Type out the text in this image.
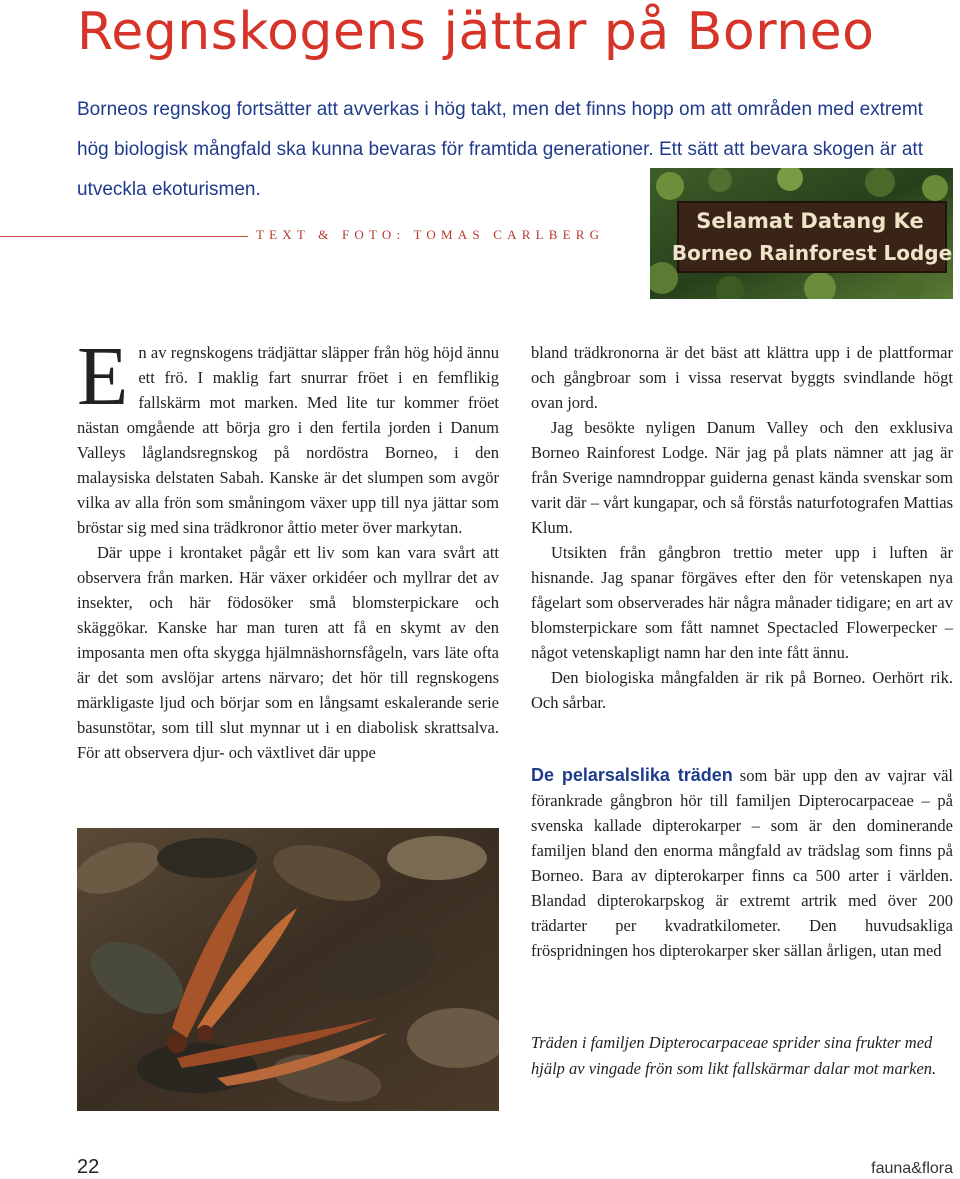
Regnskogens jättar på Borneo

Borneos regnskog fortsätter att avverkas i hög takt, men det finns hopp om att områden med extremt hög biologisk mångfald ska kunna bevaras för framtida generationer. Ett sätt att bevara skogen är att utveckla ekoturismen.

TEXT & FOTO: TOMAS CARLBERG
Selamat Datang Ke
Borneo Rainforest Lodge

En av regnskogens trädjättar släpper från hög höjd ännu ett frö. I maklig fart snurrar fröet i en femflikig fallskärm mot marken. Med lite tur kommer fröet nästan omgående att börja gro i den fertila jorden i Danum Valleys låglandsregnskog på nordöstra Borneo, i den malaysiska delstaten Sabah. Kanske är det slumpen som avgör vilka av alla frön som småningom växer upp till nya jättar som bröstar sig med sina trädkronor åttio meter över markytan.

Där uppe i krontaket pågår ett liv som kan vara svårt att observera från marken. Här växer orkidéer och myllrar det av insekter, och här födosöker små blomsterpickare och skäggökar. Kanske har man turen att få en skymt av den imposanta men ofta skygga hjälmnäshornsfågeln, vars läte ofta är det som avslöjar artens närvaro; det hör till regnskogens märkligaste ljud och börjar som en långsamt eskalerande serie basunstötar, som till slut mynnar ut i en diabolisk skrattsalva. För att observera djur- och växtlivet där uppe

bland trädkronorna är det bäst att klättra upp i de plattformar och gångbroar som i vissa reservat byggts svindlande högt ovan jord.

Jag besökte nyligen Danum Valley och den exklusiva Borneo Rainforest Lodge. När jag på plats nämner att jag är från Sverige namndroppar guiderna genast kända svenskar som varit där – vårt kungapar, och så förstås naturfotografen Mattias Klum.

Utsikten från gångbron trettio meter upp i luften är hisnande. Jag spanar förgäves efter den för vetenskapen nya fågelart som observerades här några månader tidigare; en art av blomsterpickare som fått namnet Spectacled Flowerpecker – något vetenskapligt namn har den inte fått ännu.

Den biologiska mångfalden är rik på Borneo. Oerhört rik. Och sårbar.

De pelarsalslika träden som bär upp den av vajrar väl förankrade gångbron hör till familjen Dipterocarpaceae – på svenska kallade dipterokarper – som är den dominerande familjen bland den enorma mångfald av trädslag som finns på Borneo. Bara av dipterokarper finns ca 500 arter i världen. Blandad dipterokarpskog är extremt artrik med över 200 trädarter per kvadratkilometer. Den huvudsakliga fröspridningen hos dipterokarper sker sällan årligen, utan med

Träden i familjen Dipterocarpaceae sprider sina frukter med hjälp av vingade frön som likt fallskärmar dalar mot marken.

22	fauna&flora
